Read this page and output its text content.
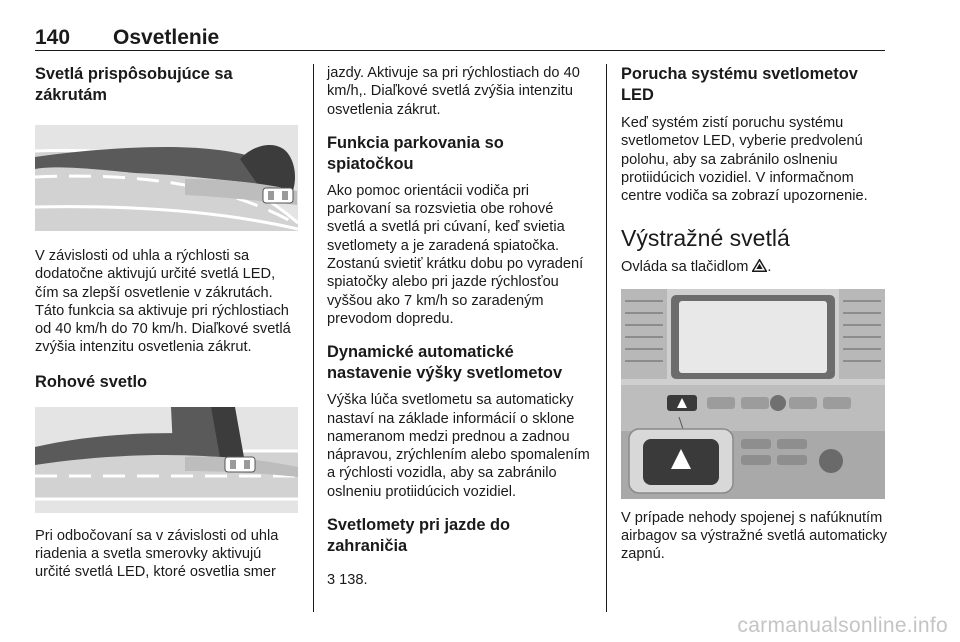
140 Osvetlenie
Svetlá prispôsobujúce sa zákrutám

V závislosti od uhla a rýchlosti sa dodatočne aktivujú určité svetlá LED, čím sa zlepší osvetlenie v zákrutách. Táto funkcia sa aktivuje pri rýchlostiach od 40 km/h do 70 km/h. Diaľkové svetlá zvýšia intenzitu osvetlenia zákrut.

Rohové svetlo

Pri odbočovaní sa v závislosti od uhla riadenia a svetla smerovky aktivujú určité svetlá LED, ktoré osvetlia smer

jazdy. Aktivuje sa pri rýchlostiach do 40 km/h,. Diaľkové svetlá zvýšia intenzitu osvetlenia zákrut.

Funkcia parkovania so spiatočkou

Ako pomoc orientácii vodiča pri parkovaní sa rozsvietia obe rohové svetlá a svetlá pri cúvaní, keď svietia svetlomety a je zaradená spiatočka. Zostanú svietiť krátku dobu po vyradení spiatočky alebo pri jazde rýchlosťou vyššou ako 7 km/h so zaradeným prevodom dopredu.

Dynamické automatické nastavenie výšky svetlometov

Výška lúča svetlometu sa automaticky nastaví na základe informácií o sklone nameranom medzi prednou a zadnou nápravou, zrýchlením alebo spomalením a rýchlosti vozidla, aby sa zabránilo oslneniu protiidúcich vozidiel.

Svetlomety pri jazde do zahraničia

3 138.

Porucha systému svetlometov LED

Keď systém zistí poruchu systému svetlometov LED, vyberie predvolenú polohu, aby sa zabránilo oslneniu protiidúcich vozidiel. V informačnom centre vodiča sa zobrazí upozornenie.

Výstražné svetlá

Ovláda sa tlačidlom .

V prípade nehody spojenej s nafúknutím airbagov sa výstražné svetlá automaticky zapnú.

carmanualsonline.info
